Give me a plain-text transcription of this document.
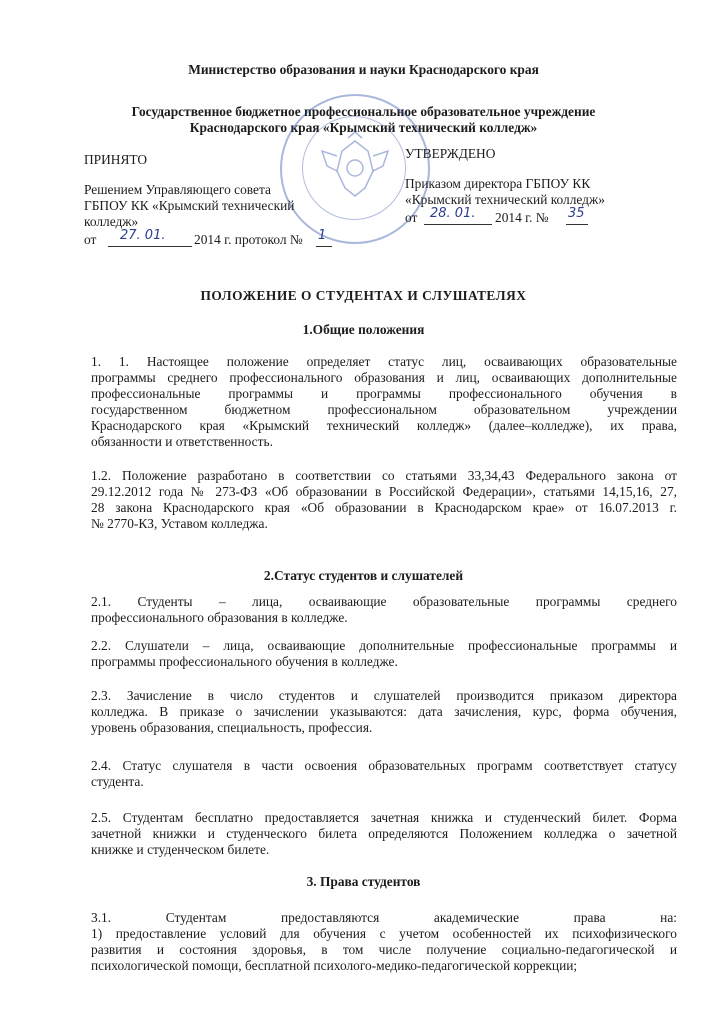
Министерство образования и науки Краснодарского края
Государственное бюджетное профессиональное образовательное учреждение
Краснодарского края «Крымский технический колледж»
ПРИНЯТО
Решением Управляющего совета
ГБПОУ КК «Крымский технический
колледж»
от 27. 01. 2014 г. протокол № 1
УТВЕРЖДЕНО
Приказом директора ГБПОУ КК
«Крымский технический колледж»
от 28. 01. 2014 г. № 35
ПОЛОЖЕНИЕ О СТУДЕНТАХ И СЛУШАТЕЛЯХ
1.Общие положения
1. 1. Настоящее положение определяет статус лиц, осваивающих образовательные
программы среднего профессионального образования и лиц, осваивающих дополнительные
профессиональные программы и программы профессионального обучения в
государственном бюджетном профессиональном образовательном учреждении
Краснодарского края «Крымский технический колледж» (далее–колледже), их права,
обязанности и ответственность.
1.2. Положение разработано в соответствии со статьями 33,34,43 Федерального закона от
29.12.2012 года № 273-ФЗ «Об образовании в Российской Федерации», статьями 14,15,16, 27,
28 закона Краснодарского края «Об образовании в Краснодарском крае» от 16.07.2013 г.
№ 2770-КЗ, Уставом колледжа.
2.Статус студентов и слушателей
2.1. Студенты – лица, осваивающие образовательные программы среднего
профессионального образования в колледже.
2.2. Слушатели – лица, осваивающие дополнительные профессиональные программы и
программы профессионального обучения в колледже.
2.3. Зачисление в число студентов и слушателей производится приказом директора
колледжа. В приказе о зачислении указываются: дата зачисления, курс, форма обучения,
уровень образования, специальность, профессия.
2.4. Статус слушателя в части освоения образовательных программ соответствует статусу
студента.
2.5. Студентам бесплатно предоставляется зачетная книжка и студенческий билет. Форма
зачетной книжки и студенческого билета определяются Положением колледжа о зачетной
книжке и студенческом билете.
3. Права студентов
3.1. Студентам предоставляются академические права на:
1) предоставление условий для обучения с учетом особенностей их психофизического
развития и состояния здоровья, в том числе получение социально-педагогической и
психологической помощи, бесплатной психолого-медико-педагогической коррекции;
